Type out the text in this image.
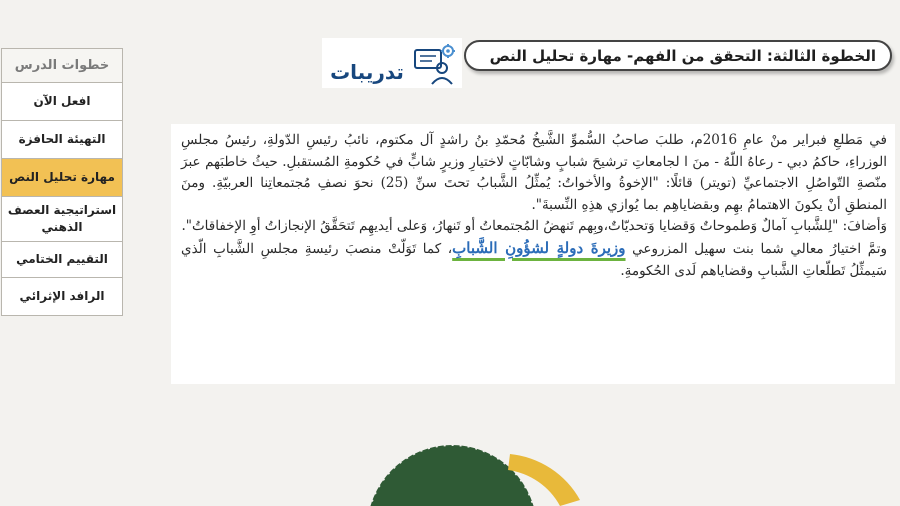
خطوات الدرس
افعل الآن
التهيئة الحافزة
مهارة تحليل النص
استراتيجية العصف الذهني
التقييم الختامي
الرافد الإثرائي
تدريبات
الخطوة الثالثة: التحقق من الفهم- مهارة تحليل النص

في مَطلعِ فبراير منْ عامِ 2016م، طلبَ صاحبُ السُّموِّ الشَّيخُ مُحمّدِ بنُ راشدٍ آل مكتوم، نائبُ رئيسِ الدّولةِ، رئيسُ مجلسِ الوزراءِ، حاكمُ دبي - رعاهُ اللّهُ - منَ ا لجامعاتِ ترشيحَ شبابٍ وشابّاتٍ لاختيارِ وزيرٍ شابٍّ في حُكومةِ المُستقبلِ. حيثُ خاطبَهم عبرَ منّصةِ التّواصُلِ الاجتماعيِّ (تويتر) قائلًا: "الإخوةُ والأخواتُ: يُمثِّلُ الشَّبابُ تحتَ سنِّ (25) نحوَ نصفِ مُجتمعاتِنا العربيّةِ. ومنَ المنطقِ أنْ يكونَ الاهتمامُ بهِم وبقضاياهِم بما يُوازي هذِهِ النِّسبةَ".

وَأضافَ: "لِلشَّبابِ آمالٌ وَطموحاتٌ وَقضايا وَتحديّاتٌ،وبِهم تَنهضُ المُجتمعاتُ أو تَنهارُ، وَعلى أيديهِم تَتحَقَّقُ الإنجازاتُ أوِ الإخفاقاتُ".

وتمَّ اختيارُ معالي شما بنت سهيل المزروعي وزيرةَ دولةٍ لشؤُونِ الشَّبابِ، كما تَوَلّتْ منصبَ رئيسةِ مجلسِ الشَّبابِ الّذي سَيمثِّلُ تَطلّعاتِ الشَّبابِ وقضاياهم لَدى الحُكومةِ.
